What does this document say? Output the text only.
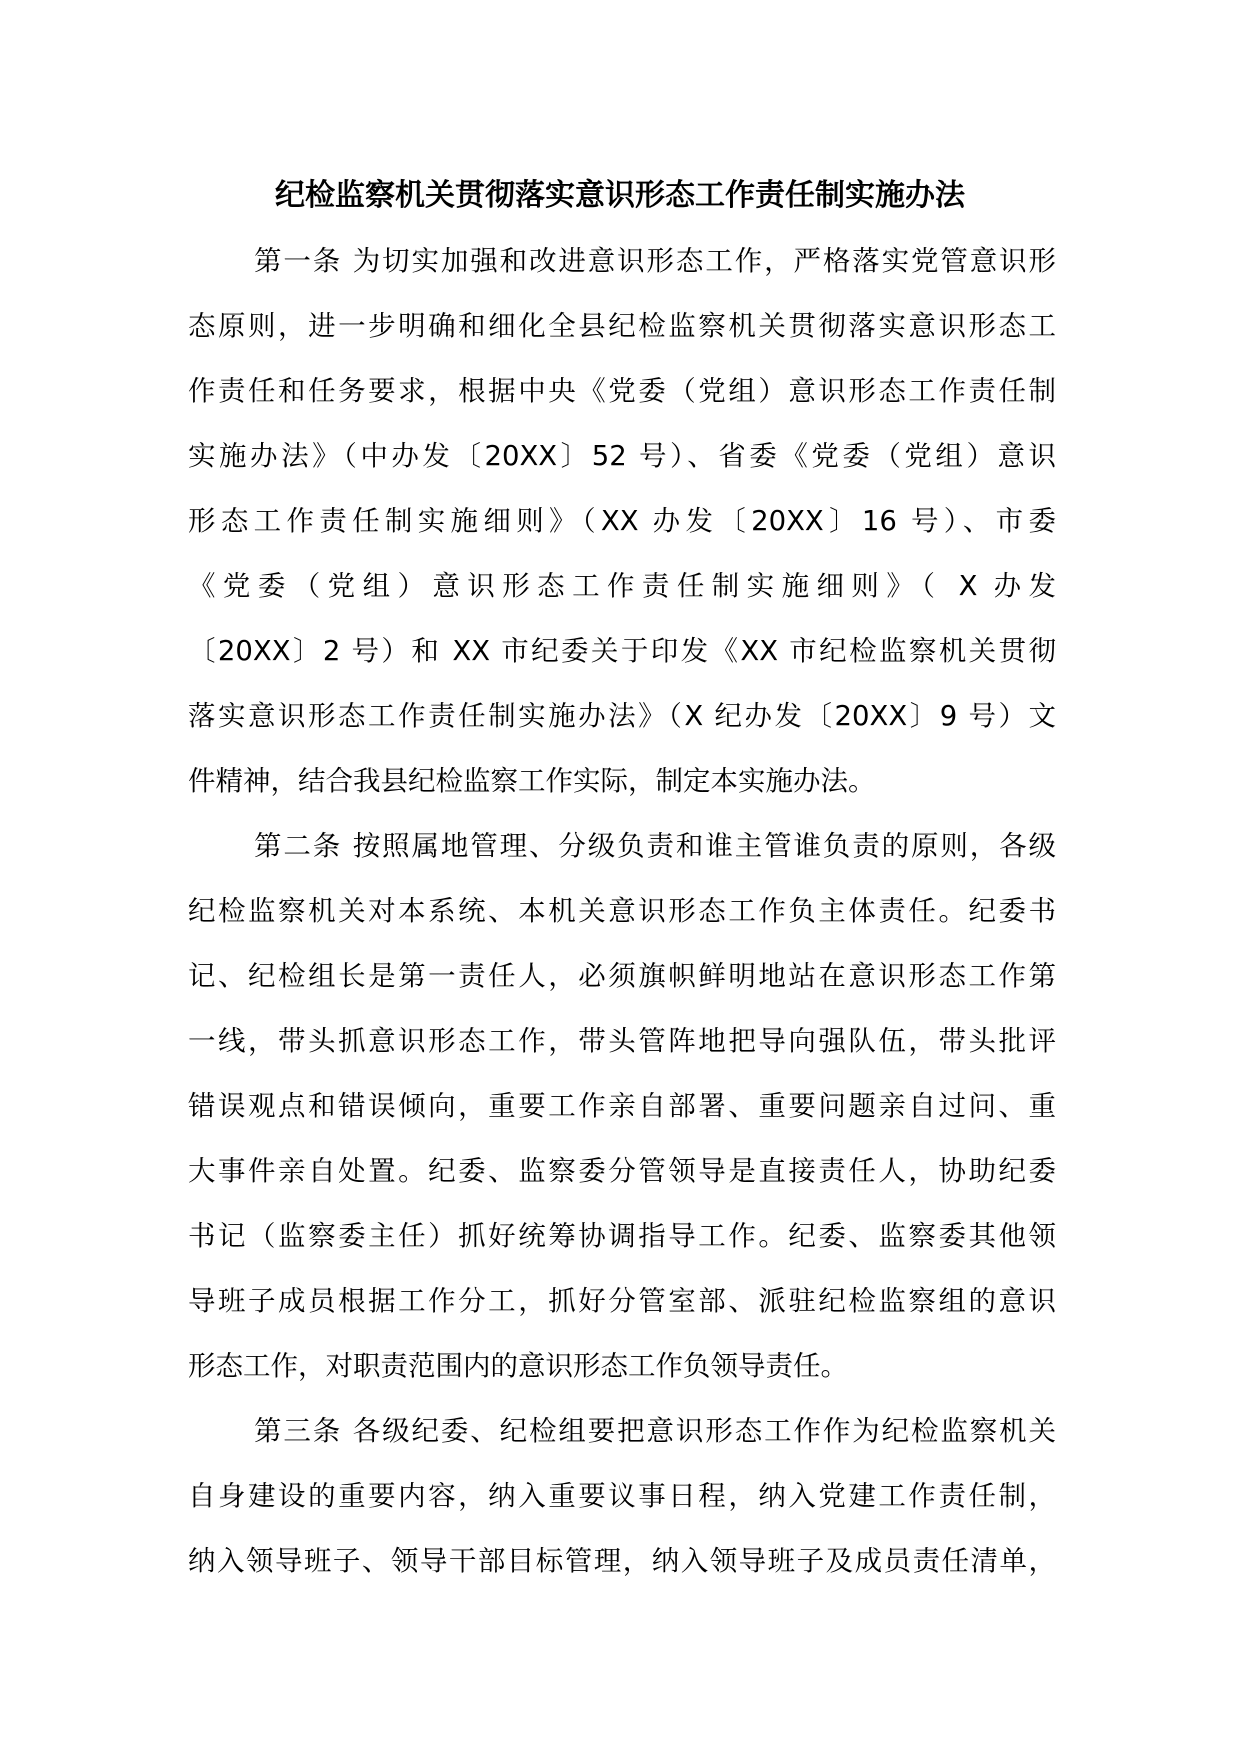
纪检监察机关贯彻落实意识形态工作责任制实施办法
第一条 为切实加强和改进意识形态工作，严格落实党管意识形
态原则，进一步明确和细化全县纪检监察机关贯彻落实意识形态工
作责任和任务要求，根据中央《党委（党组）意识形态工作责任制
实施办法》（中办发〔20XX〕52 号）、省委《党委（党组）意识
形态工作责任制实施细则》（XX 办发〔20XX〕16 号）、市委
《党委（党组）意识形态工作责任制实施细则》（ X 办发
〔20XX〕2 号）和 XX 市纪委关于印发《XX 市纪检监察机关贯彻
落实意识形态工作责任制实施办法》（X 纪办发〔20XX〕9 号）文
件精神，结合我县纪检监察工作实际，制定本实施办法。
第二条 按照属地管理、分级负责和谁主管谁负责的原则，各级
纪检监察机关对本系统、本机关意识形态工作负主体责任。纪委书
记、纪检组长是第一责任人，必须旗帜鲜明地站在意识形态工作第
一线，带头抓意识形态工作，带头管阵地把导向强队伍，带头批评
错误观点和错误倾向，重要工作亲自部署、重要问题亲自过问、重
大事件亲自处置。纪委、监察委分管领导是直接责任人，协助纪委
书记（监察委主任）抓好统筹协调指导工作。纪委、监察委其他领
导班子成员根据工作分工，抓好分管室部、派驻纪检监察组的意识
形态工作，对职责范围内的意识形态工作负领导责任。
第三条 各级纪委、纪检组要把意识形态工作作为纪检监察机关
自身建设的重要内容，纳入重要议事日程，纳入党建工作责任制，
纳入领导班子、领导干部目标管理，纳入领导班子及成员责任清单，
